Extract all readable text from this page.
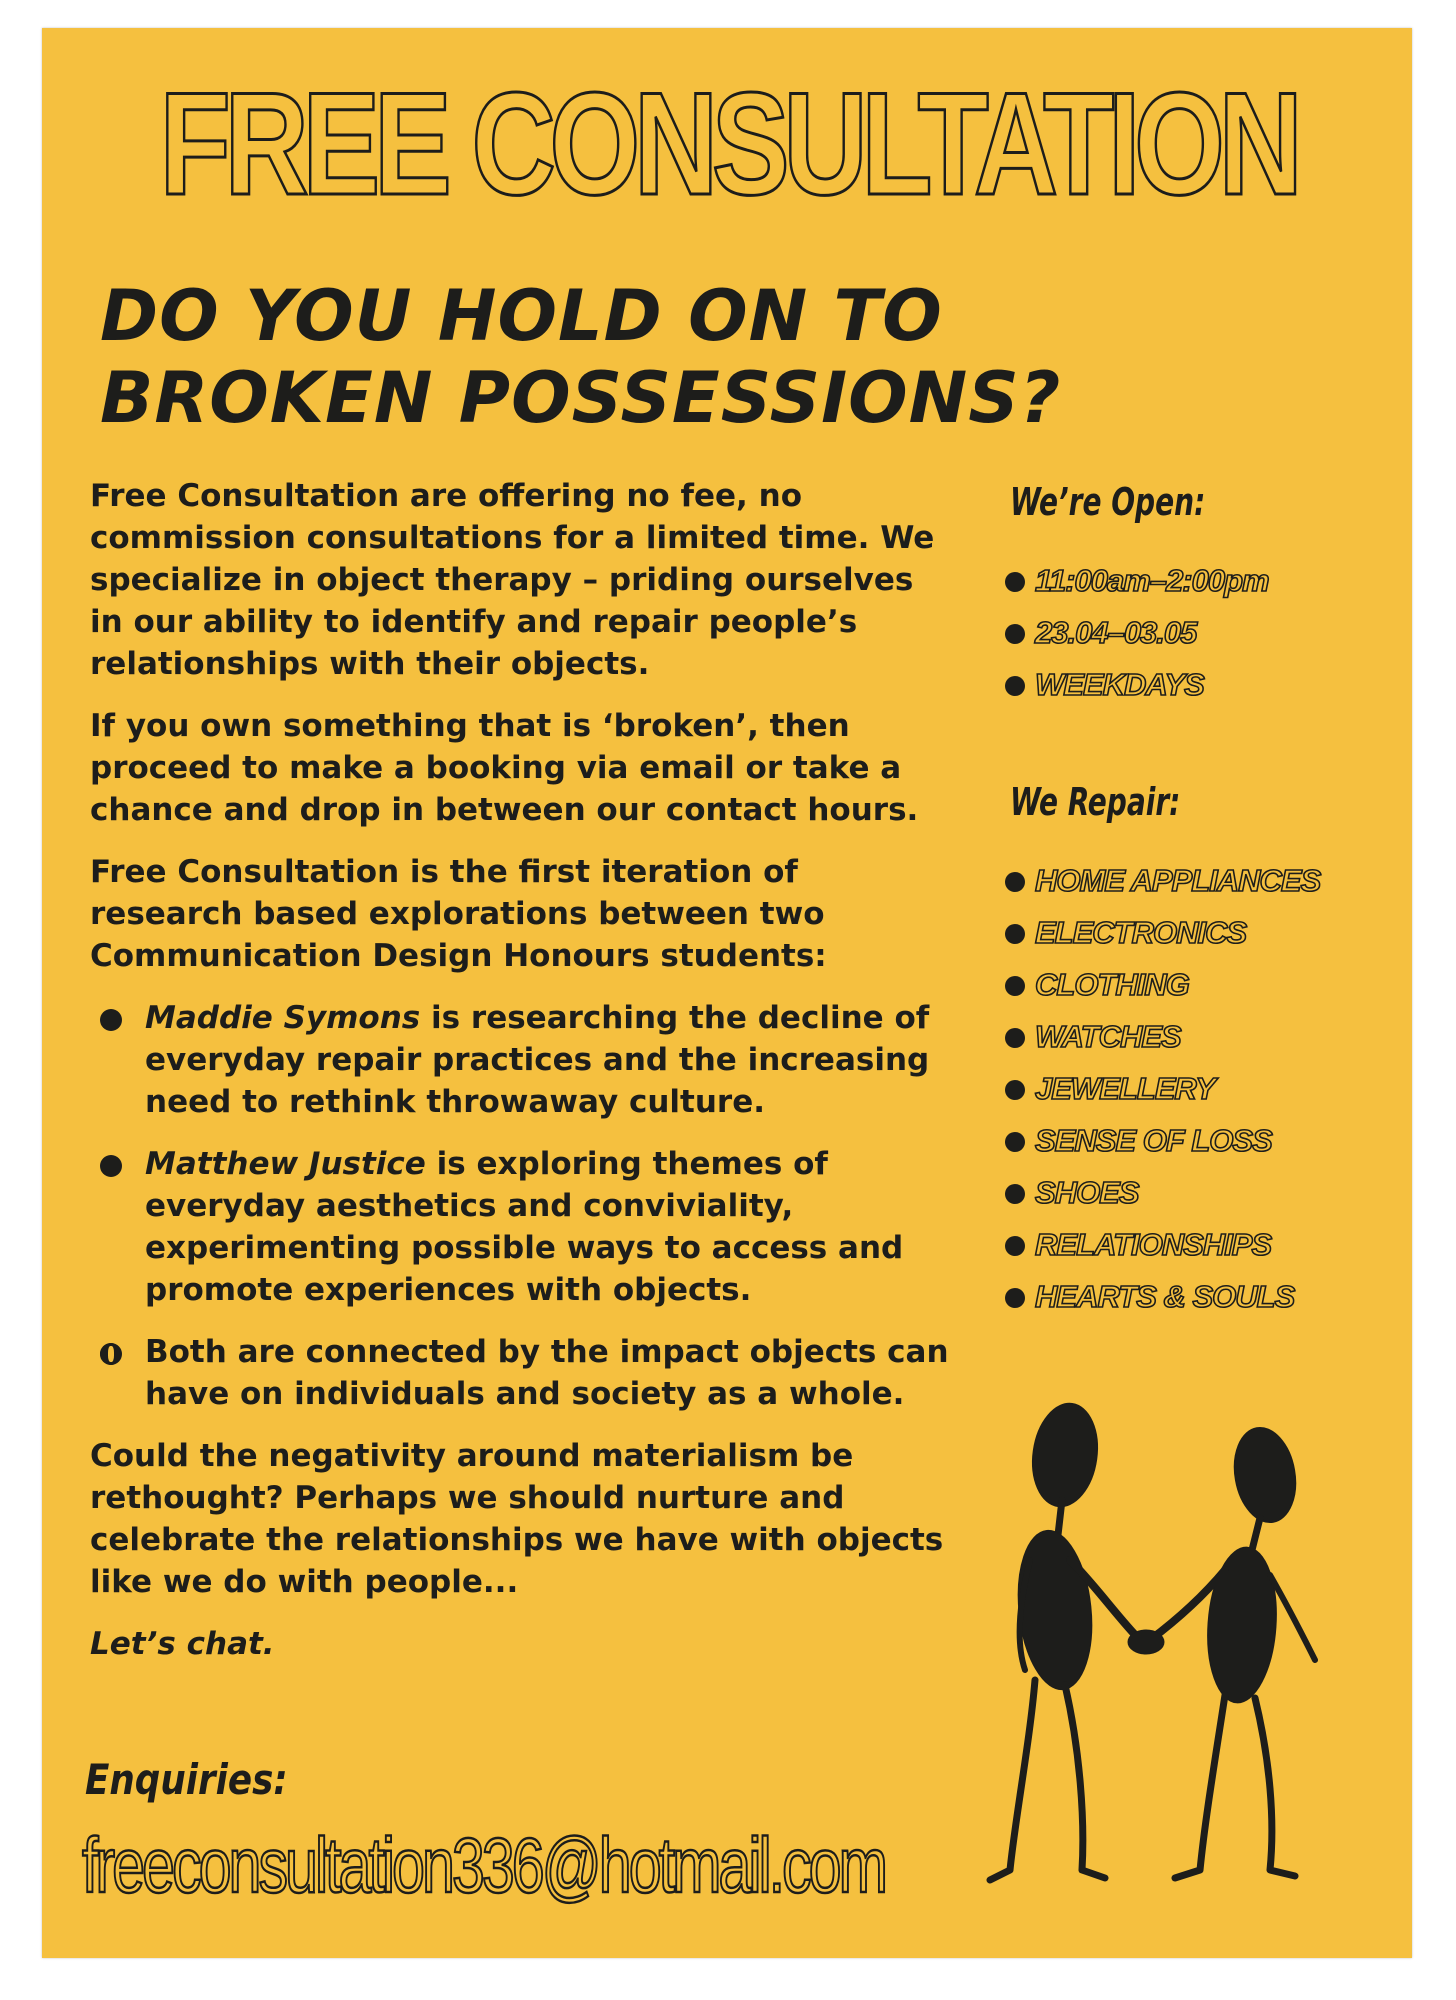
FREE CONSULTATION
DO YOU HOLD ON TO
BROKEN POSSESSIONS?

Free Consultation are offering no fee, no commission consultations for a limited time. We specialize in object therapy – priding ourselves in our ability to identify and repair people’s relationships with their objects.

If you own something that is ‘broken’, then proceed to make a booking via email or take a chance and drop in between our contact hours.

Free Consultation is the first iteration of research based explorations between two Communication Design Honours students:

Maddie Symons is researching the decline of everyday repair practices and the increasing need to rethink throwaway culture.
Matthew Justice is exploring themes of everyday aesthetics and conviviality, experimenting possible ways to access and promote experiences with objects.
Both are connected by the impact objects can have on individuals and society as a whole.

Could the negativity around materialism be rethought? Perhaps we should nurture and celebrate the relationships we have with objects like we do with people...

Let’s chat.

We’re Open:
11:00am–2:00pm
23.04–03.05
WEEKDAYS
We Repair:
HOME APPLIANCES
ELECTRONICS
CLOTHING
WATCHES
JEWELLERY
SENSE OF LOSS
SHOES
RELATIONSHIPS
HEARTS & SOULS
Enquiries:
freeconsultation336@hotmail.com
